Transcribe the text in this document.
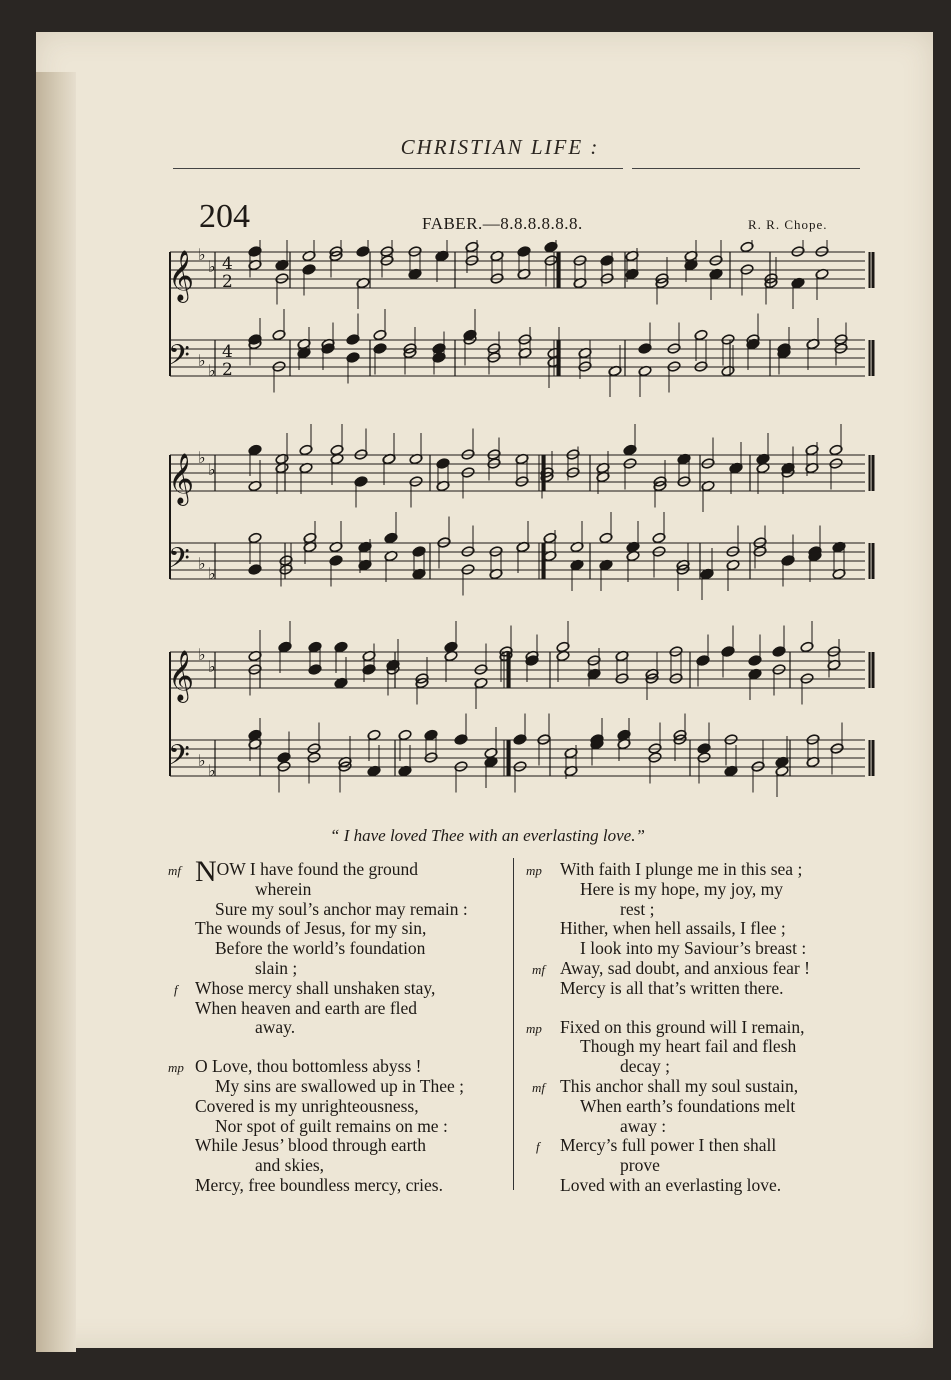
CHRISTIAN LIFE :
204	FABER.—8.8.8.8.8.8.	R. R. Chope.
𝄞 ♭
♭ 4
2
𝄢 ♭
♭
4
2
𝄞 ♭
♭
𝄢 ♭
♭
𝄞 ♭
♭
𝄢 ♭
♭
“ I have loved Thee with an everlasting love.”
mf NOW I have found the ground
wherein
Sure my soul’s anchor may remain :
The wounds of Jesus, for my sin,
Before the world’s foundation
slain ;
f Whose mercy shall unshaken stay,
When heaven and earth are fled
away.
mp O Love, thou bottomless abyss !
My sins are swallowed up in Thee ;
Covered is my unrighteousness,
Nor spot of guilt remains on me :
While Jesus’ blood through earth
and skies,
Mercy, free boundless mercy, cries.
mp With faith I plunge me in this sea ;
Here is my hope, my joy, my
rest ;
Hither, when hell assails, I flee ;
I look into my Saviour’s breast :
mf Away, sad doubt, and anxious fear !
Mercy is all that’s written there.
mp Fixed on this ground will I remain,
Though my heart fail and flesh
decay ;
mf This anchor shall my soul sustain,
When earth’s foundations melt
away :
f Mercy’s full power I then shall
prove
Loved with an everlasting love.
